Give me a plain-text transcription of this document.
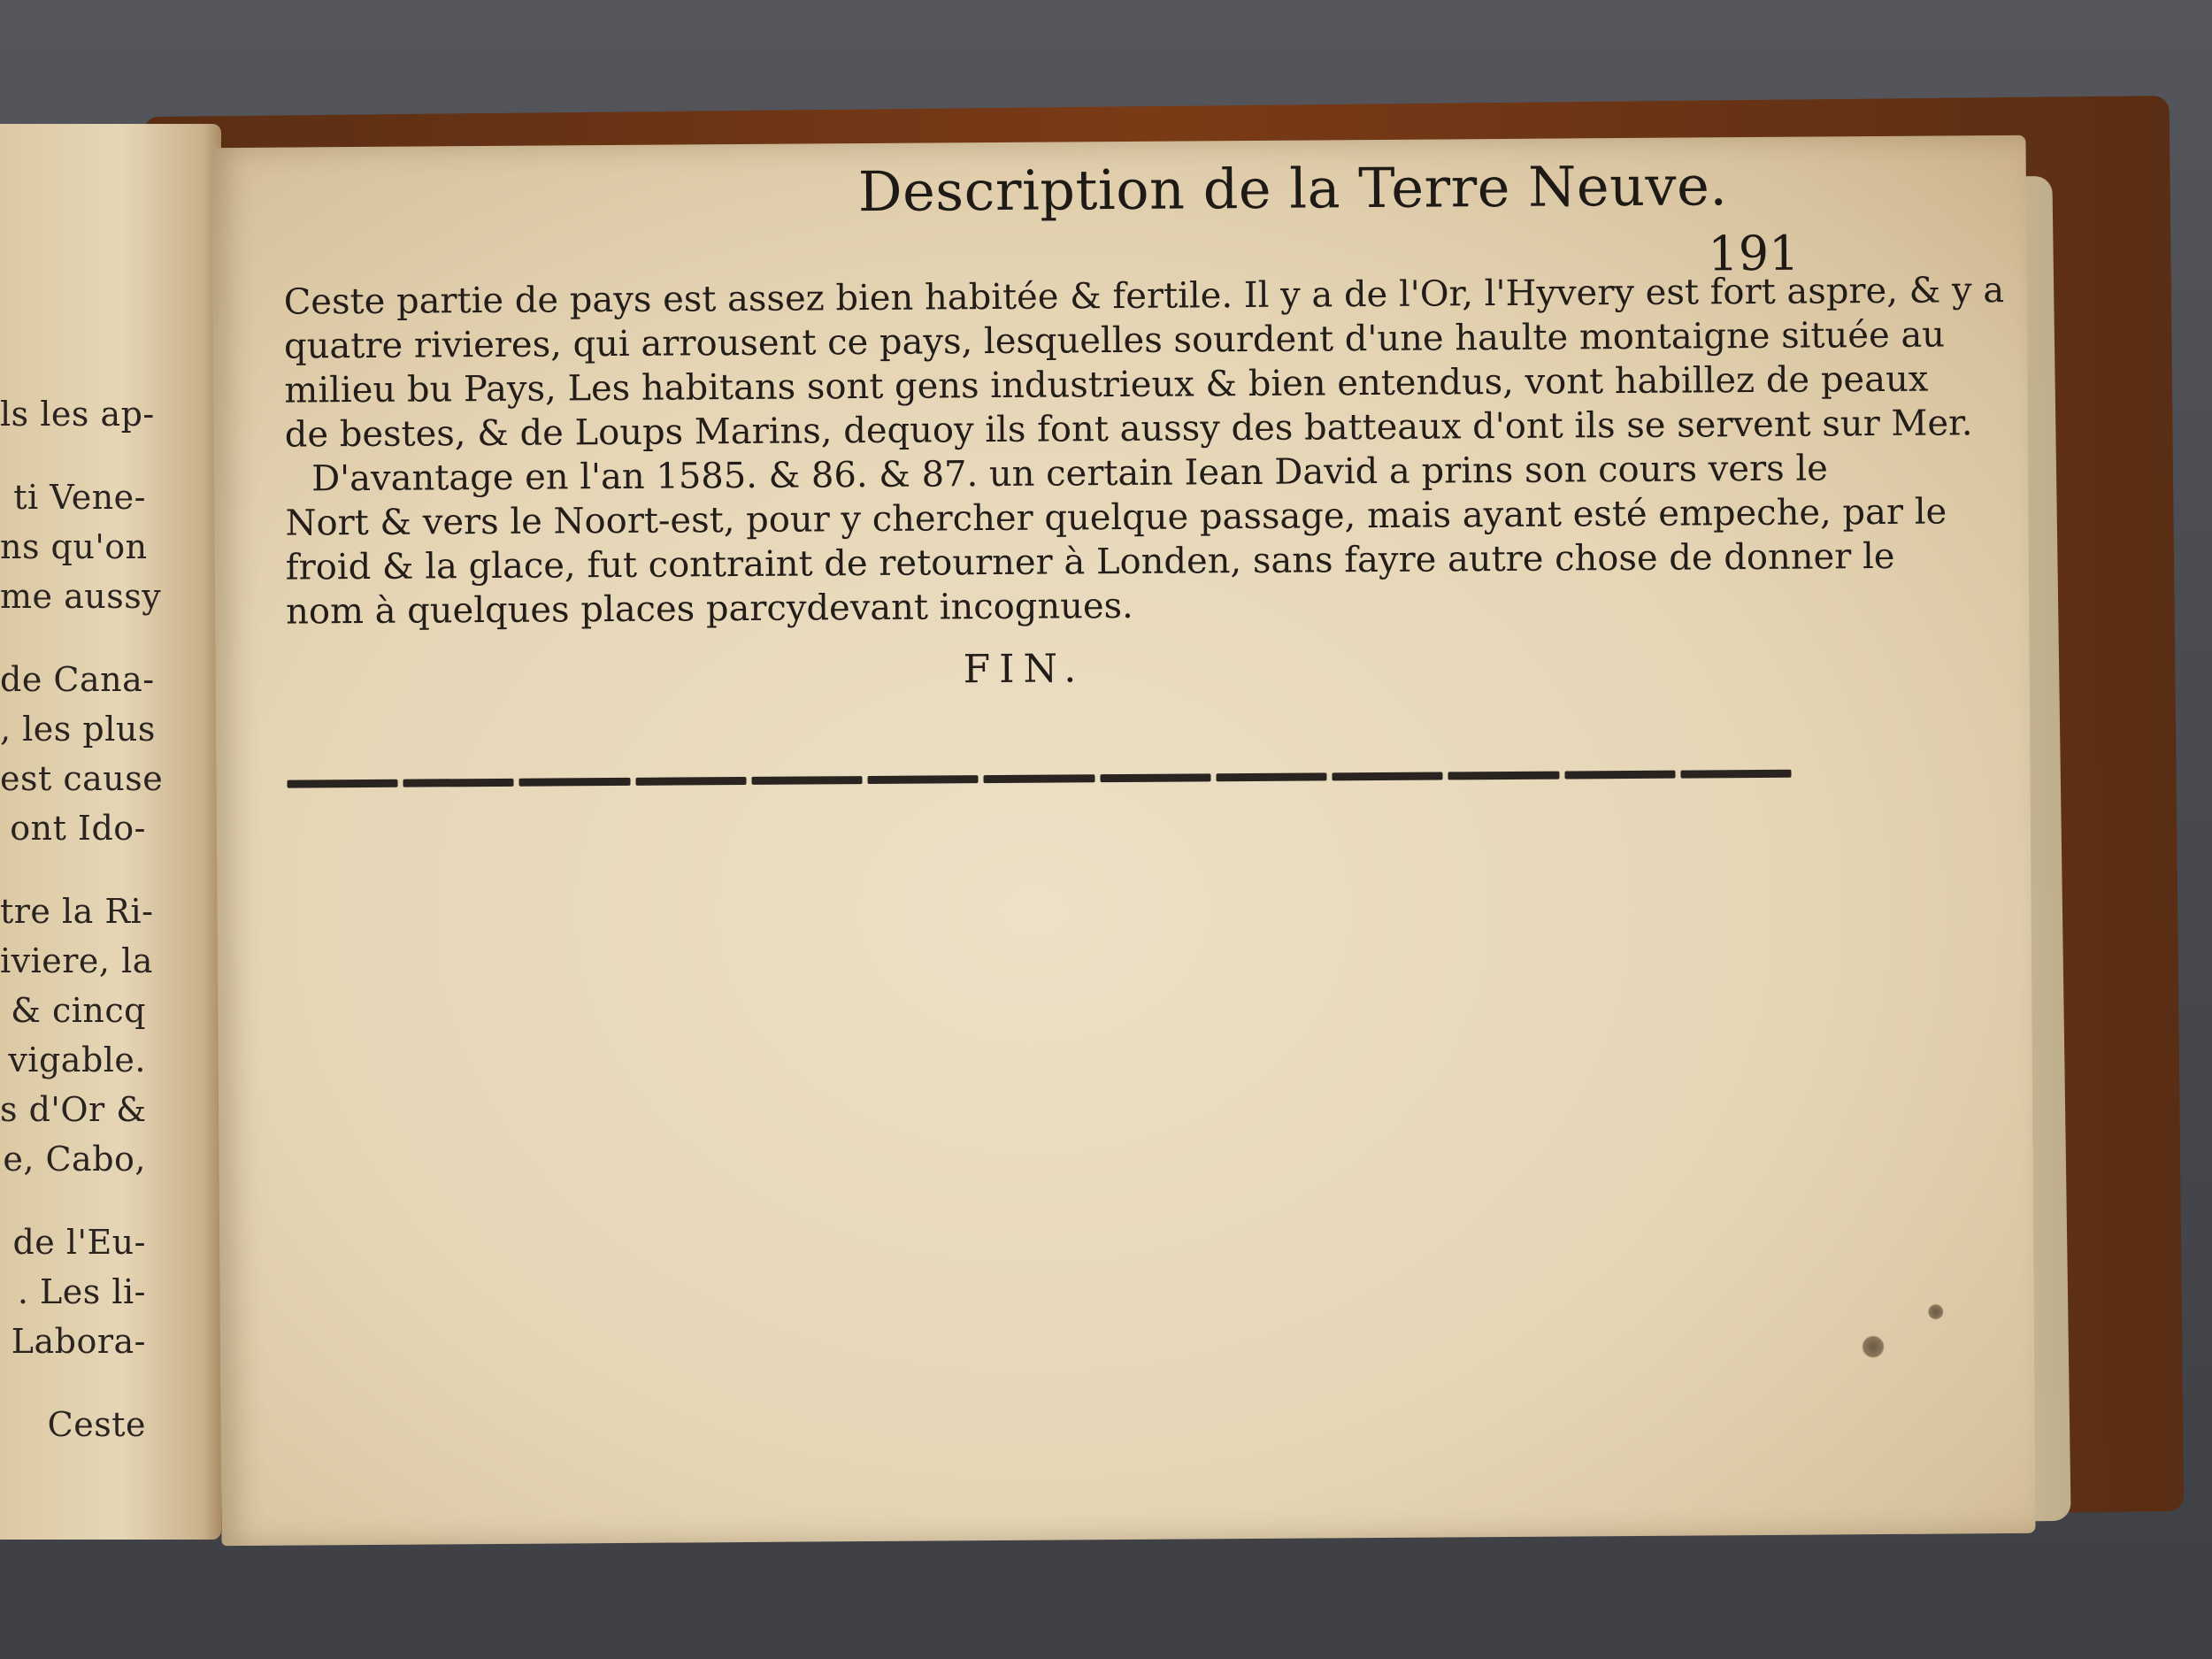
ls les ap-
ti Vene-
ns qu'on
me aussy
de Cana-
, les plus
est cause
ont Ido-
tre la Ri-
iviere, la
& cincq
vigable.
s d'Or &
e, Cabo,
de l'Eu-
. Les li-
Labora-
Ceste
Description de la Terre Neuve.
191
Ceste partie de pays est assez bien habitée & fertile. Il y a de l'Or, l'Hyvery est fort aspre, & y a
quatre rivieres, qui arrousent ce pays, lesquelles sourdent d'une haulte montaigne située au
milieu bu Pays, Les habitans sont gens industrieux & bien entendus, vont habillez de peaux
de bestes, & de Loups Marins, dequoy ils font aussy des batteaux d'ont ils se servent sur Mer.
D'avantage en l'an 1585. & 86. & 87. un certain Iean David a prins son cours vers le
Nort & vers le Noort-est, pour y chercher quelque passage, mais ayant esté empeche, par le
froid & la glace, fut contraint de retourner à Londen, sans fayre autre chose de donner le
nom à quelques places parcydevant incognues.
FIN.
